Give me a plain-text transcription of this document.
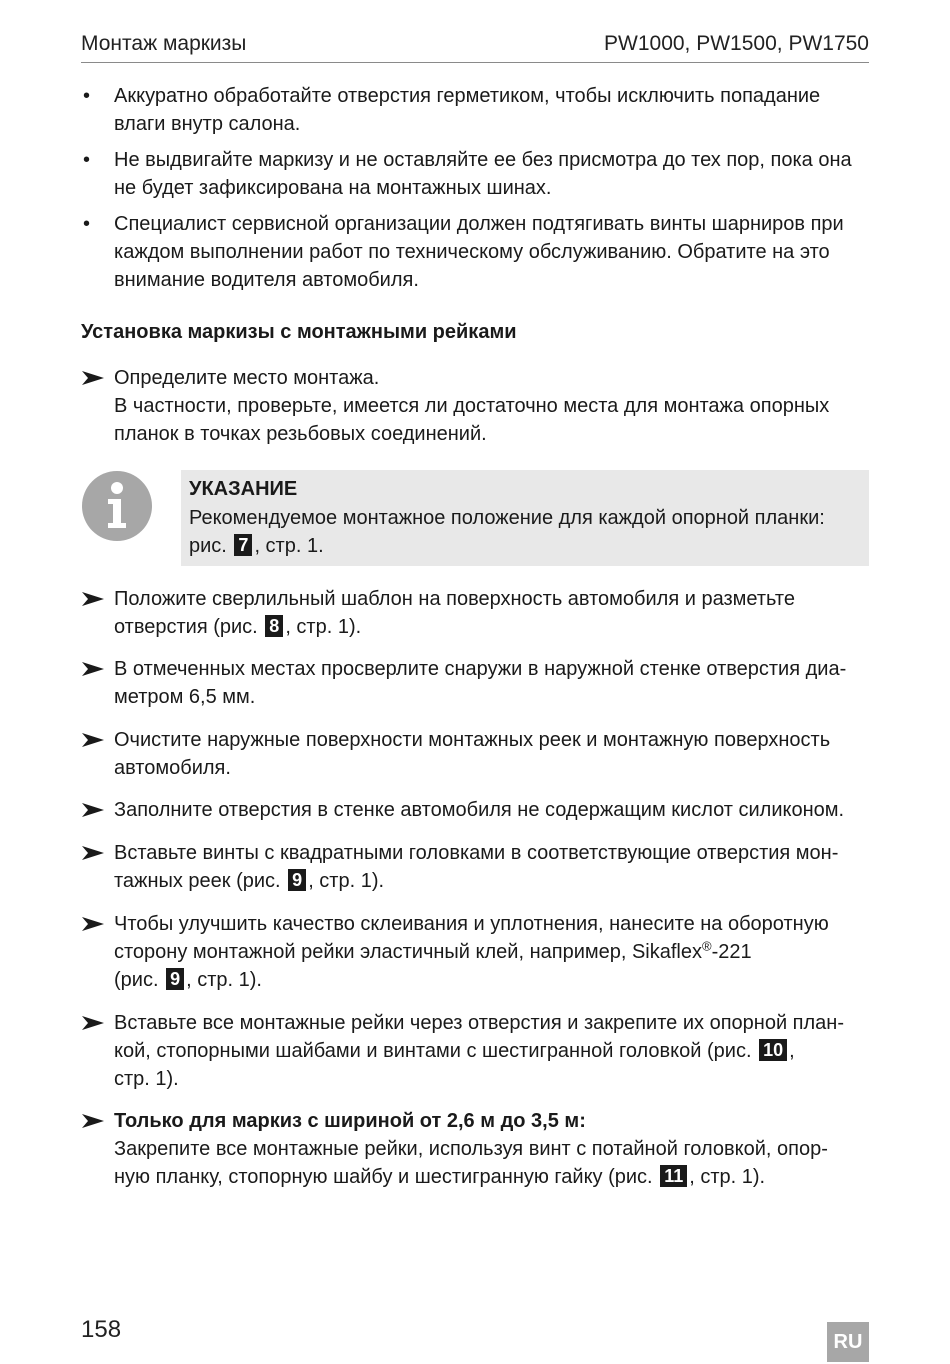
Монтаж маркизы	PW1000, PW1500, PW1750
• Аккуратно обработайте отверстия герметиком, чтобы исключить попадание
влаги внутр салона.
• Не выдвигайте маркизу и не оставляйте ее без присмотра до тех пор, пока она
не будет зафиксирована на монтажных шинах.
• Специалист сервисной организации должен подтягивать винты шарниров при
каждом выполнении работ по техническому обслуживанию. Обратите на это
внимание водителя автомобиля.
Установка маркизы с монтажными рейками
Определите место монтажа.
В частности, проверьте, имеется ли достаточно места для монтажа опорных
планок в точках резьбовых соединений.
УКАЗАНИЕ
Рекомендуемое монтажное положение для каждой опорной планки:
рис. 7 , стр. 1.
Положите сверлильный шаблон на поверхность автомобиля и разметьте
отверстия (рис. 8 , стр. 1).
В отмеченных местах просверлите снаружи в наружной стенке отверстия диа-
метром 6,5 мм.
Очистите наружные поверхности монтажных реек и монтажную поверхность
автомобиля.
Заполните отверстия в стенке автомобиля не содержащим кислот силиконом.
Вставьте винты с квадратными головками в соответствующие отверстия мон-
тажных реек (рис. 9 , стр. 1).
Чтобы улучшить качество склеивания и уплотнения, нанесите на оборотную
сторону монтажной рейки эластичный клей, например, Sikaflex®-221
(рис. 9 , стр. 1).
Вставьте все монтажные рейки через отверстия и закрепите их опорной план-
кой, стопорными шайбами и винтами с шестигранной головкой (рис. 10 ,
стр. 1).
Только для маркиз с шириной от 2,6 м до 3,5 м:
Закрепите все монтажные рейки, используя винт с потайной головкой, опор-
ную планку, стопорную шайбу и шестигранную гайку (рис. 11 , стр. 1).
158	RU
